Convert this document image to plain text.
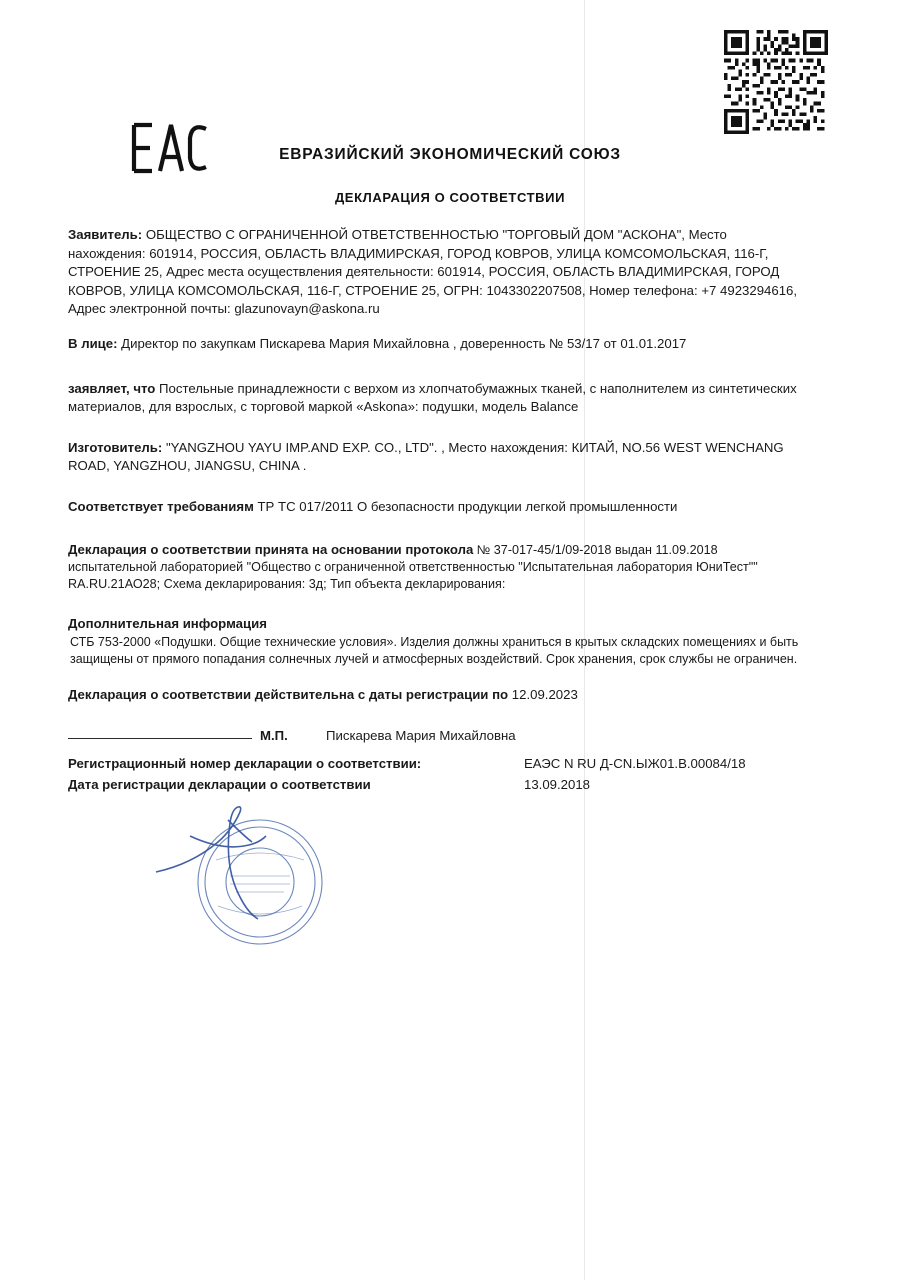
ЕВРАЗИЙСКИЙ ЭКОНОМИЧЕСКИЙ СОЮЗ
ДЕКЛАРАЦИЯ О СООТВЕТСТВИИ

Заявитель: ОБЩЕСТВО С ОГРАНИЧЕННОЙ ОТВЕТСТВЕННОСТЬЮ "ТОРГОВЫЙ ДОМ "АСКОНА", Место нахождения: 601914, РОССИЯ, ОБЛАСТЬ ВЛАДИМИРСКАЯ, ГОРОД КОВРОВ, УЛИЦА КОМСОМОЛЬСКАЯ, 116-Г, СТРОЕНИЕ 25, Адрес места осуществления деятельности: 601914, РОССИЯ, ОБЛАСТЬ ВЛАДИМИРСКАЯ, ГОРОД КОВРОВ, УЛИЦА КОМСОМОЛЬСКАЯ, 116-Г, СТРОЕНИЕ 25, ОГРН: 1043302207508, Номер телефона: +7 4923294616, Адрес электронной почты: glazunovayn@askona.ru

В лице: Директор по закупкам Пискарева Мария Михайловна , доверенность № 53/17 от 01.01.2017

заявляет, что Постельные принадлежности с верхом из хлопчатобумажных тканей, с наполнителем из синтетических материалов, для взрослых, с торговой маркой «Askona»: подушки, модель Balance

Изготовитель: "YANGZHOU YAYU IMP.AND EXP. CO., LTD". , Место нахождения: КИТАЙ, NO.56 WEST WENCHANG ROAD, YANGZHOU, JIANGSU, CHINA .

Соответствует требованиям ТР ТС 017/2011 О безопасности продукции легкой промышленности

Декларация о соответствии принята на основании протокола № 37-017-45/1/09-2018 выдан 11.09.2018 испытательной лабораторией "Общество с ограниченной ответственностью "Испытательная лаборатория ЮниТест"" RA.RU.21АО28; Схема декларирования: 3д; Тип объекта декларирования:

Дополнительная информация

СТБ 753-2000 «Подушки. Общие технические условия». Изделия должны храниться в крытых складских помещениях и быть защищены от прямого попадания солнечных лучей и атмосферных воздействий. Срок хранения, срок службы не ограничен.

Декларация о соответствии действительна с даты регистрации по 12.09.2023

М.П.	Пискарева Мария Михайловна
Регистрационный номер декларации о соответствии:	ЕАЭС N RU Д-CN.ЫЖ01.В.00084/18
Дата регистрации декларации о соответствии	13.09.2018
